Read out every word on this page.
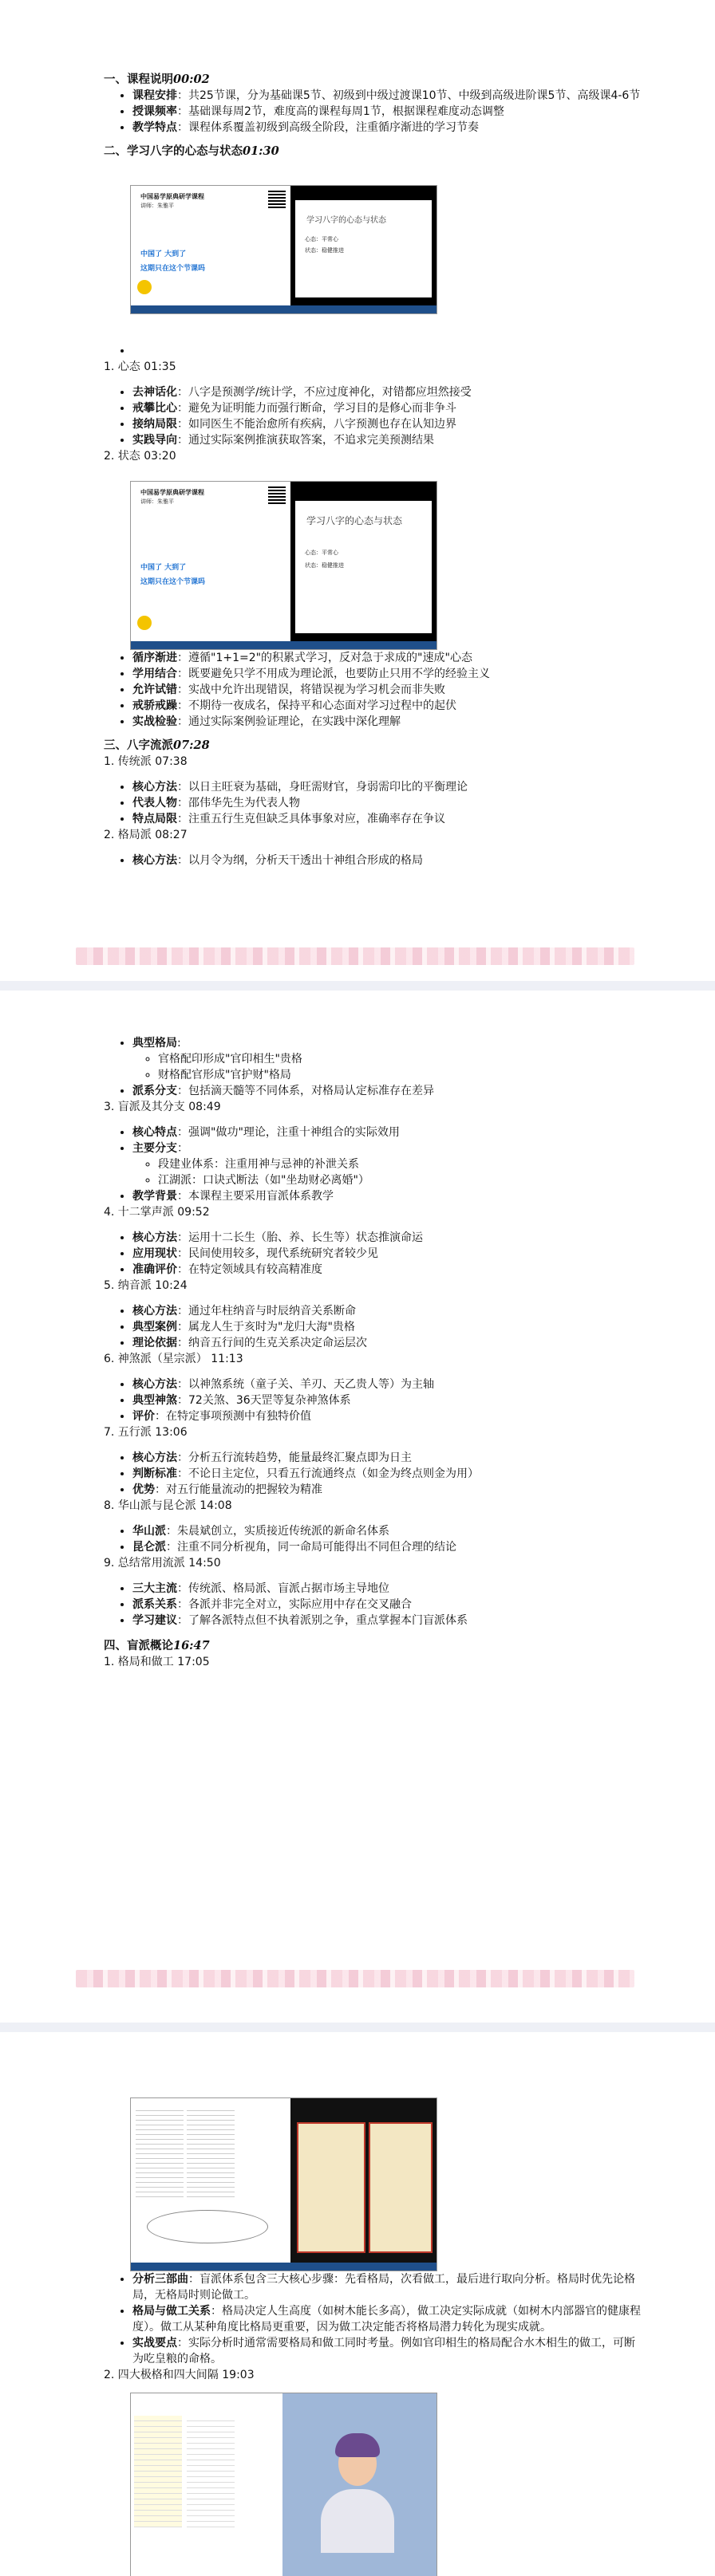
一、课程说明00:02
• 课程安排：共25节课，分为基础课5节、初级到中级过渡课10节、中级到高级进阶课5节、高级课4-6节
• 授课频率：基础课每周2节，难度高的课程每周1节，根据课程难度动态调整
• 教学特点：课程体系覆盖初级到高级全阶段，注重循序渐进的学习节奏
二、学习八字的心态与状态01:30
中国易学原典研学课程
讲师：朱雅平
中国了 大到了
这期只在这个节课吗
学习八字的心态与状态
心态：平常心
状态：稳健推进
•
1. 心态 01:35
• 去神话化：八字是预测学/统计学，不应过度神化，对错都应坦然接受
• 戒攀比心：避免为证明能力而强行断命，学习目的是修心而非争斗
• 接纳局限：如同医生不能治愈所有疾病，八字预测也存在认知边界
• 实践导向：通过实际案例推演获取答案，不追求完美预测结果
2. 状态 03:20
中国易学原典研学课程
讲师：朱雅平
中国了 大到了
这期只在这个节课吗
学习八字的心态与状态
心态：平常心
状态：稳健推进
• 循序渐进：遵循"1+1=2"的积累式学习，反对急于求成的"速成"心态
• 学用结合：既要避免只学不用成为理论派，也要防止只用不学的经验主义
• 允许试错：实战中允许出现错误，将错误视为学习机会而非失败
• 戒骄戒躁：不期待一夜成名，保持平和心态面对学习过程中的起伏
• 实战检验：通过实际案例验证理论，在实践中深化理解
三、八字流派07:28
1. 传统派 07:38
• 核心方法：以日主旺衰为基础，身旺需财官，身弱需印比的平衡理论
• 代表人物：邵伟华先生为代表人物
• 特点局限：注重五行生克但缺乏具体事象对应，准确率存在争议
2. 格局派 08:27
• 核心方法：以月令为纲，分析天干透出十神组合形成的格局
• 典型格局:
◦ 官格配印形成"官印相生"贵格
◦ 财格配官形成"官护财"格局
• 派系分支：包括滴天髓等不同体系，对格局认定标准存在差异
3. 盲派及其分支 08:49
• 核心特点：强调"做功"理论，注重十神组合的实际效用
• 主要分支：
◦ 段建业体系：注重用神与忌神的补泄关系
◦ 江湖派：口诀式断法（如"坐劫财必离婚"）
• 教学背景：本课程主要采用盲派体系教学
4. 十二掌声派 09:52
• 核心方法：运用十二长生（胎、养、长生等）状态推演命运
• 应用现状：民间使用较多，现代系统研究者较少见
• 准确评价：在特定领域具有较高精准度
5. 纳音派 10:24
• 核心方法：通过年柱纳音与时辰纳音关系断命
• 典型案例：属龙人生于亥时为"龙归大海"贵格
• 理论依据：纳音五行间的生克关系决定命运层次
6. 神煞派（星宗派） 11:13
• 核心方法：以神煞系统（童子关、羊刃、天乙贵人等）为主轴
• 典型神煞：72关煞、36天罡等复杂神煞体系
• 评价：在特定事项预测中有独特价值
7. 五行派 13:06
• 核心方法：分析五行流转趋势，能量最终汇聚点即为日主
• 判断标准：不论日主定位，只看五行流通终点（如金为终点则金为用）
• 优势：对五行能量流动的把握较为精准
8. 华山派与昆仑派 14:08
• 华山派：朱晨斌创立，实质接近传统派的新命名体系
• 昆仑派：注重不同分析视角，同一命局可能得出不同但合理的结论
9. 总结常用流派 14:50
• 三大主流：传统派、格局派、盲派占据市场主导地位
• 派系关系：各派并非完全对立，实际应用中存在交叉融合
• 学习建议：了解各派特点但不执着派别之争，重点掌握本门盲派体系
四、盲派概论16:47
1. 格局和做工 17:05
• 分析三部曲：盲派体系包含三大核心步骤：先看格局，次看做工，最后进行取向分析。格局时优先论格局，无格局时则论做工。
• 格局与做工关系：格局决定人生高度（如树木能长多高），做工决定实际成就（如树木内部器官的健康程度）。做工从某种角度比格局更重要，因为做工决定能否将格局潜力转化为现实成就。
• 实战要点：实际分析时通常需要格局和做工同时考量。例如官印相生的格局配合水木相生的做工，可断为吃皇粮的命格。
2. 四大极格和四大间隔 19:03
